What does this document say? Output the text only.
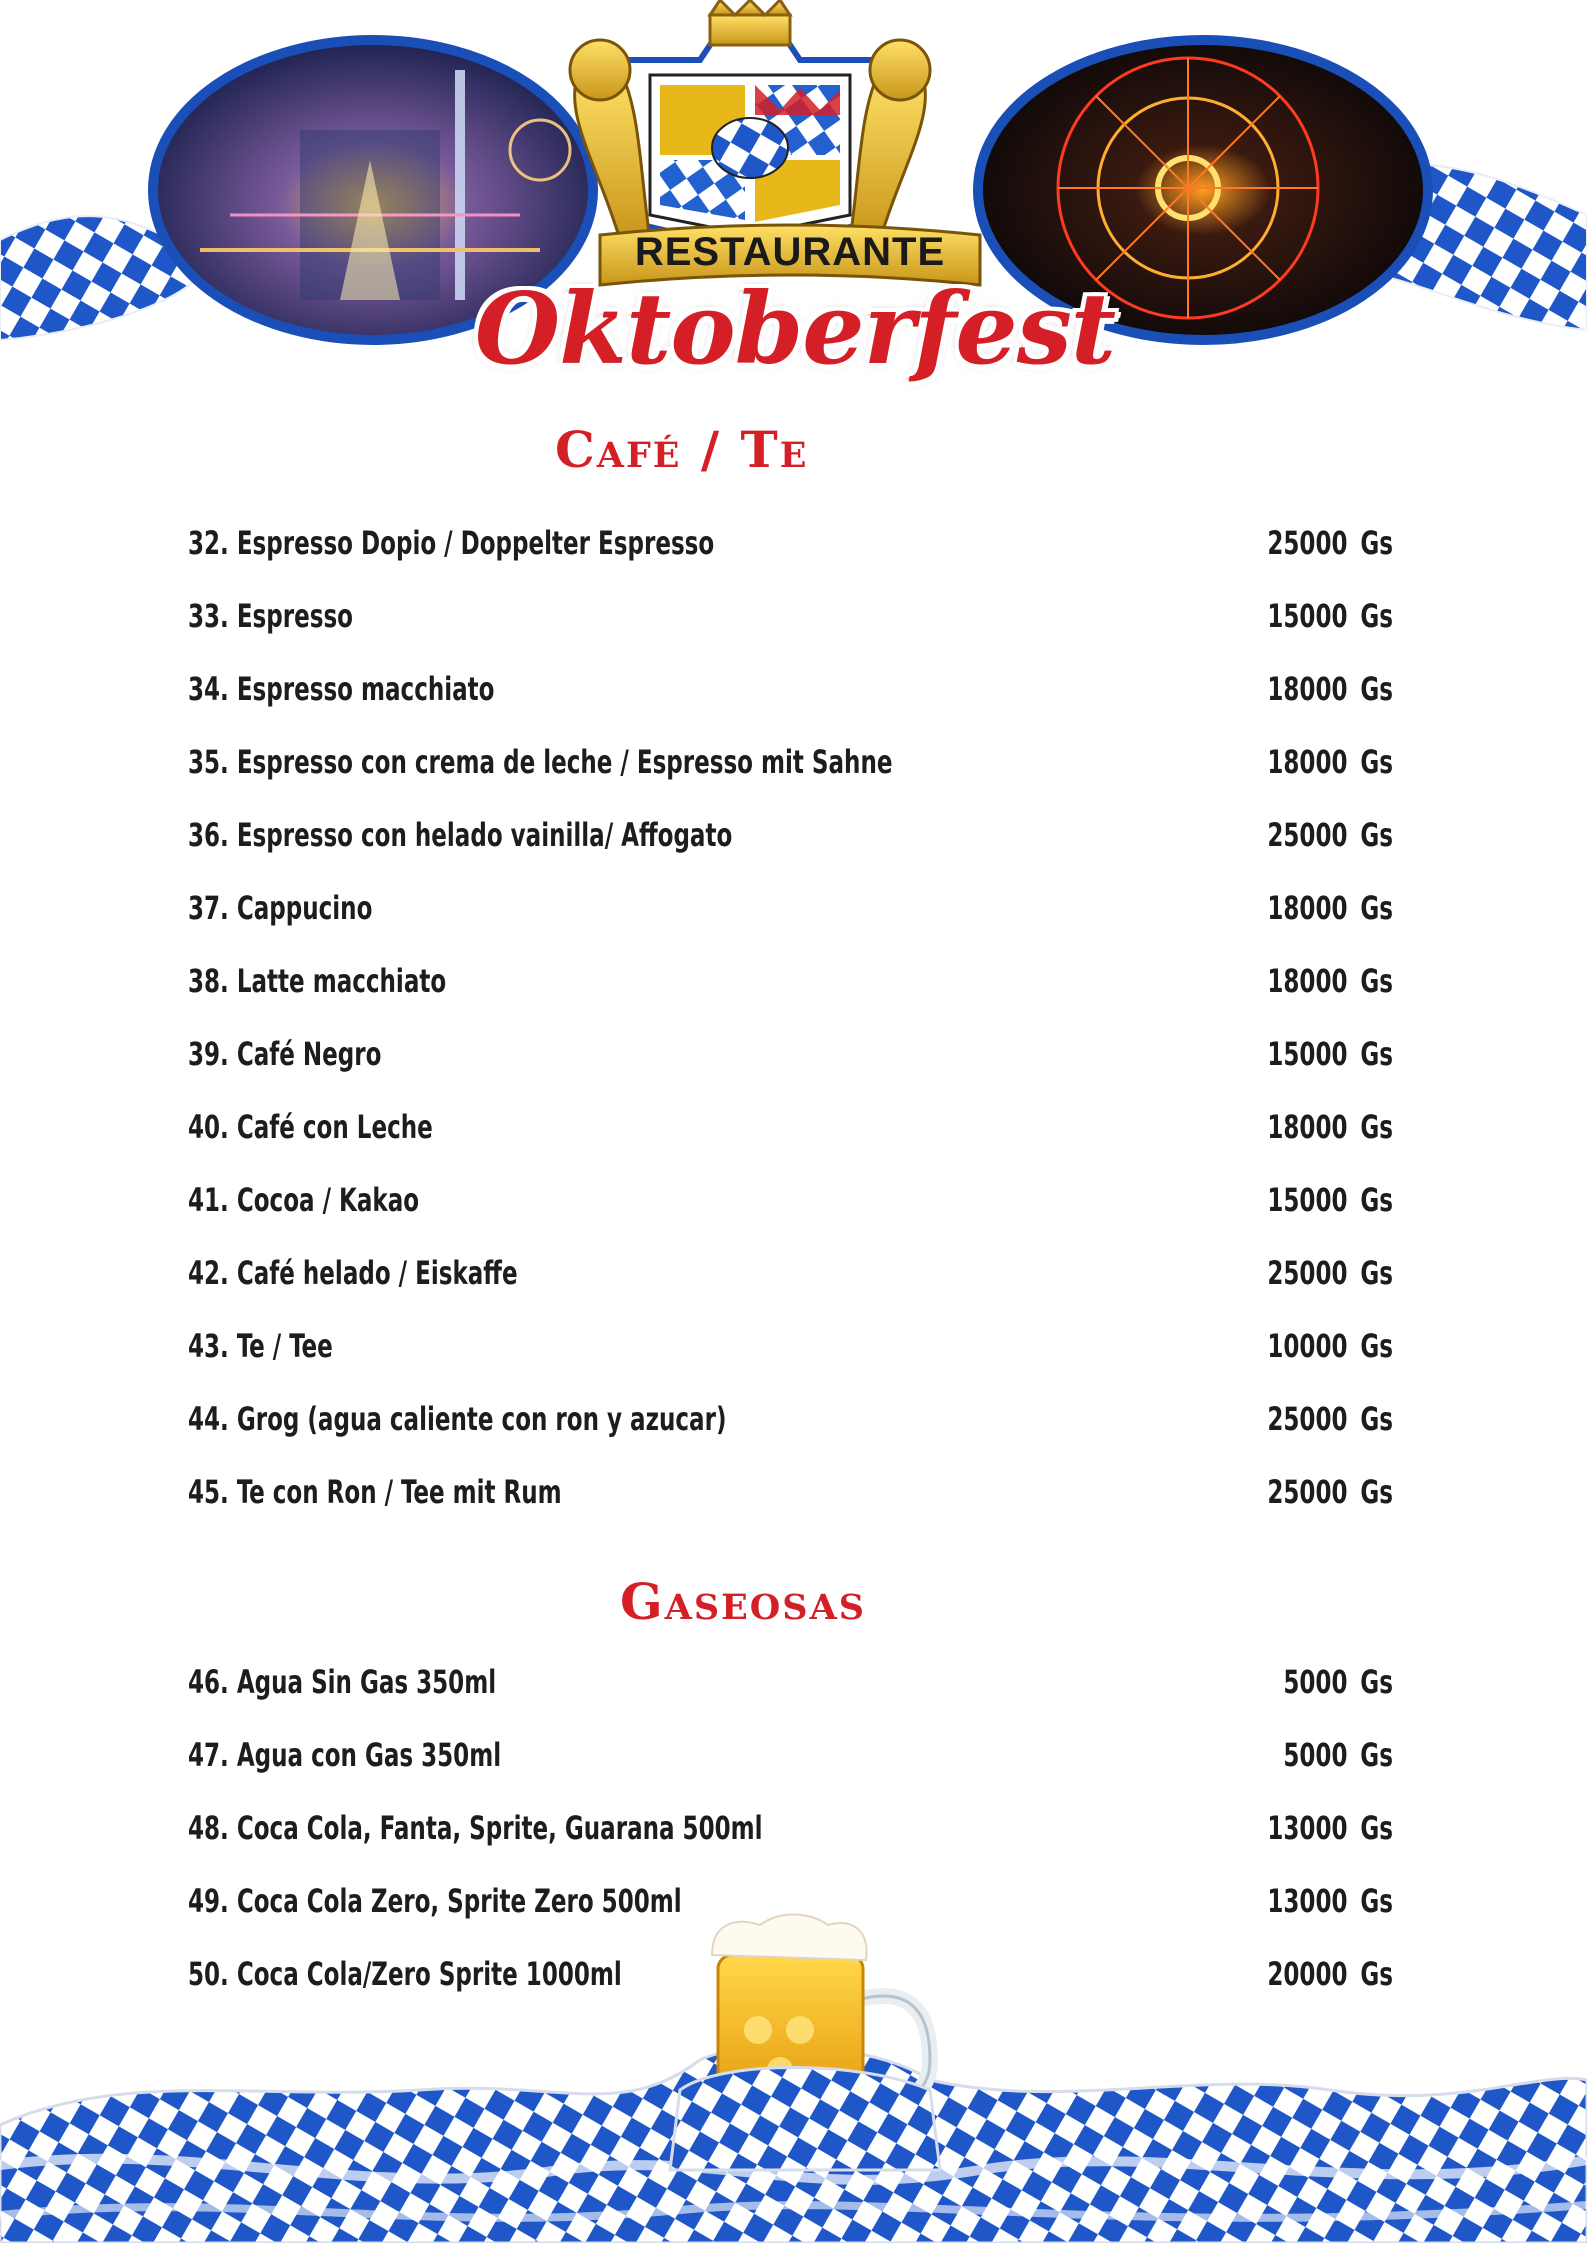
RESTAURANTE
Oktoberfest
Café / Te
32. Espresso Dopio / Doppelter Espresso	25000 Gs
33. Espresso	15000 Gs
34. Espresso macchiato	18000 Gs
35. Espresso con crema de leche / Espresso mit Sahne	18000 Gs
36. Espresso con helado vainilla/ Affogato	25000 Gs
37. Cappucino	18000 Gs
38. Latte macchiato	18000 Gs
39. Café Negro	15000 Gs
40. Café con Leche	18000 Gs
41. Cocoa / Kakao	15000 Gs
42. Café helado / Eiskaffe	25000 Gs
43. Te / Tee	10000 Gs
44. Grog (agua caliente con ron y azucar)	25000 Gs
45. Te con Ron / Tee mit Rum	25000 Gs
Gaseosas
46. Agua Sin Gas 350ml	5000 Gs
47. Agua con Gas 350ml	5000 Gs
48. Coca Cola, Fanta, Sprite, Guarana 500ml	13000 Gs
49. Coca Cola Zero, Sprite Zero 500ml	13000 Gs
50. Coca Cola/Zero Sprite 1000ml	20000 Gs
